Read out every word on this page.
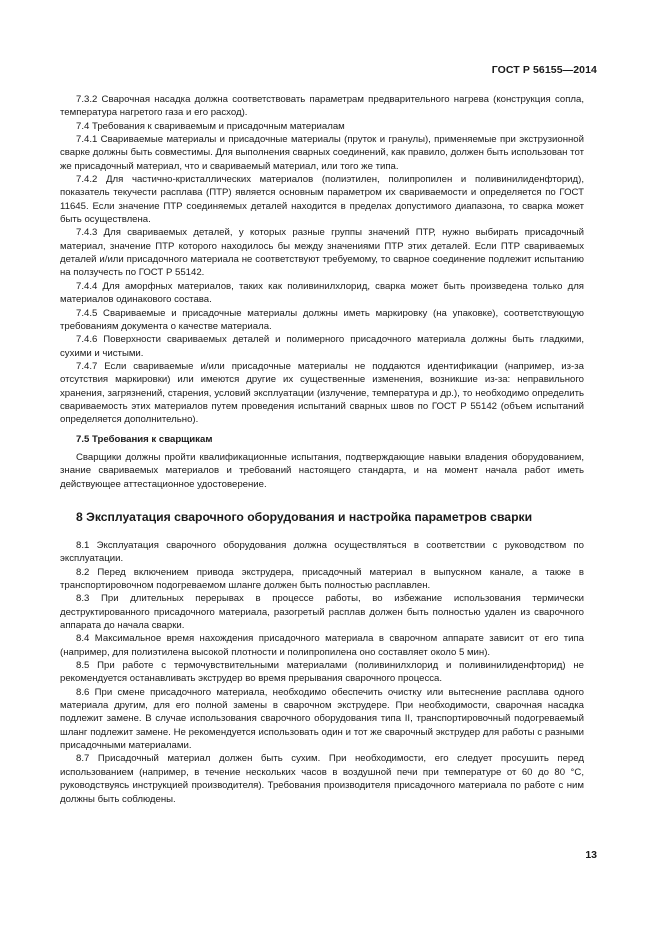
ГОСТ Р 56155—2014

7.3.2 Сварочная насадка должна соответствовать параметрам предварительного нагрева (конструкция сопла, температура нагретого газа и его расход).

7.4 Требования к свариваемым и присадочным материалам

7.4.1 Свариваемые материалы и присадочные материалы (пруток и гранулы), применяемые при экструзионной сварке должны быть совместимы. Для выполнения сварных соединений, как правило, должен быть использован тот же присадочный материал, что и свариваемый материал, или того же типа.

7.4.2 Для частично-кристаллических материалов (полиэтилен, полипропилен и поливинилиденфторид), показатель текучести расплава (ПТР) является основным параметром их свариваемости и определяется по ГОСТ 11645. Если значение ПТР соединяемых деталей находится в пределах допустимого диапазона, то сварка может быть осуществлена.

7.4.3 Для свариваемых деталей, у которых разные группы значений ПТР, нужно выбирать присадочный материал, значение ПТР которого находилось бы между значениями ПТР этих деталей. Если ПТР свариваемых деталей и/или присадочного материала не соответствуют требуемому, то сварное соединение подлежит испытанию на ползучесть по ГОСТ Р 55142.

7.4.4 Для аморфных материалов, таких как поливинилхлорид, сварка может быть произведена только для материалов одинакового состава.

7.4.5 Свариваемые и присадочные материалы должны иметь маркировку (на упаковке), соответствующую требованиям документа о качестве материала.

7.4.6 Поверхности свариваемых деталей и полимерного присадочного материала должны быть гладкими, сухими и чистыми.

7.4.7 Если свариваемые и/или присадочные материалы не поддаются идентификации (например, из-за отсутствия маркировки) или имеются другие их существенные изменения, возникшие из-за: неправильного хранения, загрязнений, старения, условий эксплуатации (излучение, температура и др.), то необходимо определить свариваемость этих материалов путем проведения испытаний сварных швов по ГОСТ Р 55142 (объем испытаний определяется дополнительно).

7.5 Требования к сварщикам

Сварщики должны пройти квалификационные испытания, подтверждающие навыки владения оборудованием, знание свариваемых материалов и требований настоящего стандарта, и на момент начала работ иметь действующее аттестационное удостоверение.

8 Эксплуатация сварочного оборудования и настройка параметров сварки

8.1 Эксплуатация сварочного оборудования должна осуществляться в соответствии с руководством по эксплуатации.

8.2 Перед включением привода экструдера, присадочный материал в выпускном канале, а также в транспортировочном подогреваемом шланге должен быть полностью расплавлен.

8.3 При длительных перерывах в процессе работы, во избежание использования термически деструктированного присадочного материала, разогретый расплав должен быть полностью удален из сварочного аппарата до начала сварки.

8.4 Максимальное время нахождения присадочного материала в сварочном аппарате зависит от его типа (например, для полиэтилена высокой плотности и полипропилена оно составляет около 5 мин).

8.5 При работе с термочувствительными материалами (поливинилхлорид и поливинилиденфторид) не рекомендуется останавливать экструдер во время прерывания сварочного процесса.

8.6 При смене присадочного материала, необходимо обеспечить очистку или вытеснение расплава одного материала другим, для его полной замены в сварочном экструдере. При необходимости, сварочная насадка подлежит замене. В случае использования сварочного оборудования типа II, транспортировочный подогреваемый шланг подлежит замене. Не рекомендуется использовать один и тот же сварочный экструдер для работы с разными присадочными материалами.

8.7 Присадочный материал должен быть сухим. При необходимости, его следует просушить перед использованием (например, в течение нескольких часов в воздушной печи при температуре от 60 до 80 °С, руководствуясь инструкцией производителя). Требования производителя присадочного материала по работе с ним должны быть соблюдены.

13
